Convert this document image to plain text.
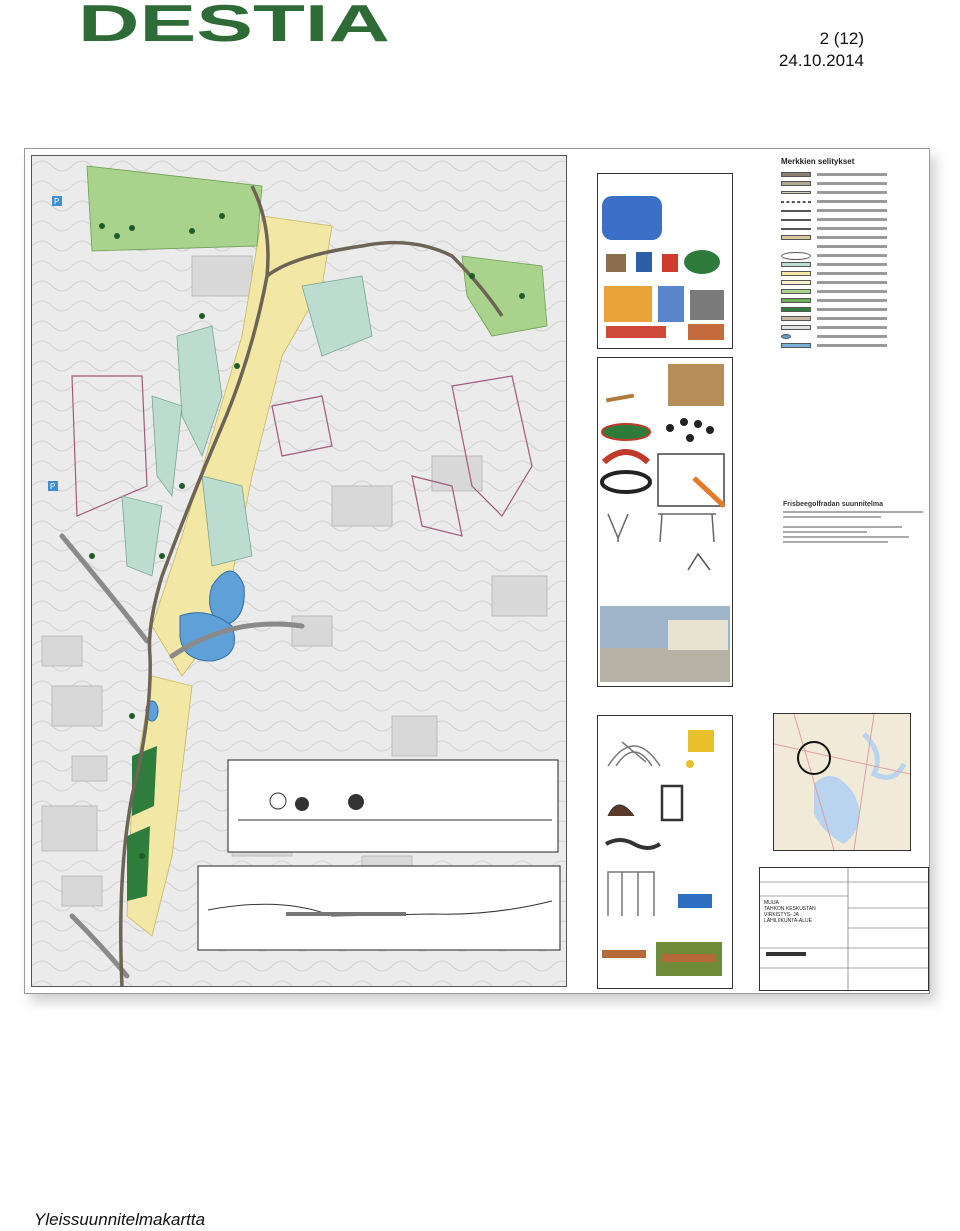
DESTIA	2 (12)
24.10.2014
P
P
Merkkien selitykset
Frisbeegolfradan suunnitelma
MUIJA
TAHKON KESKUSTAN
VIRKISTYS- JA
LÄHILIIKUNTA-ALUE
Yleissuunnitelmakartta
